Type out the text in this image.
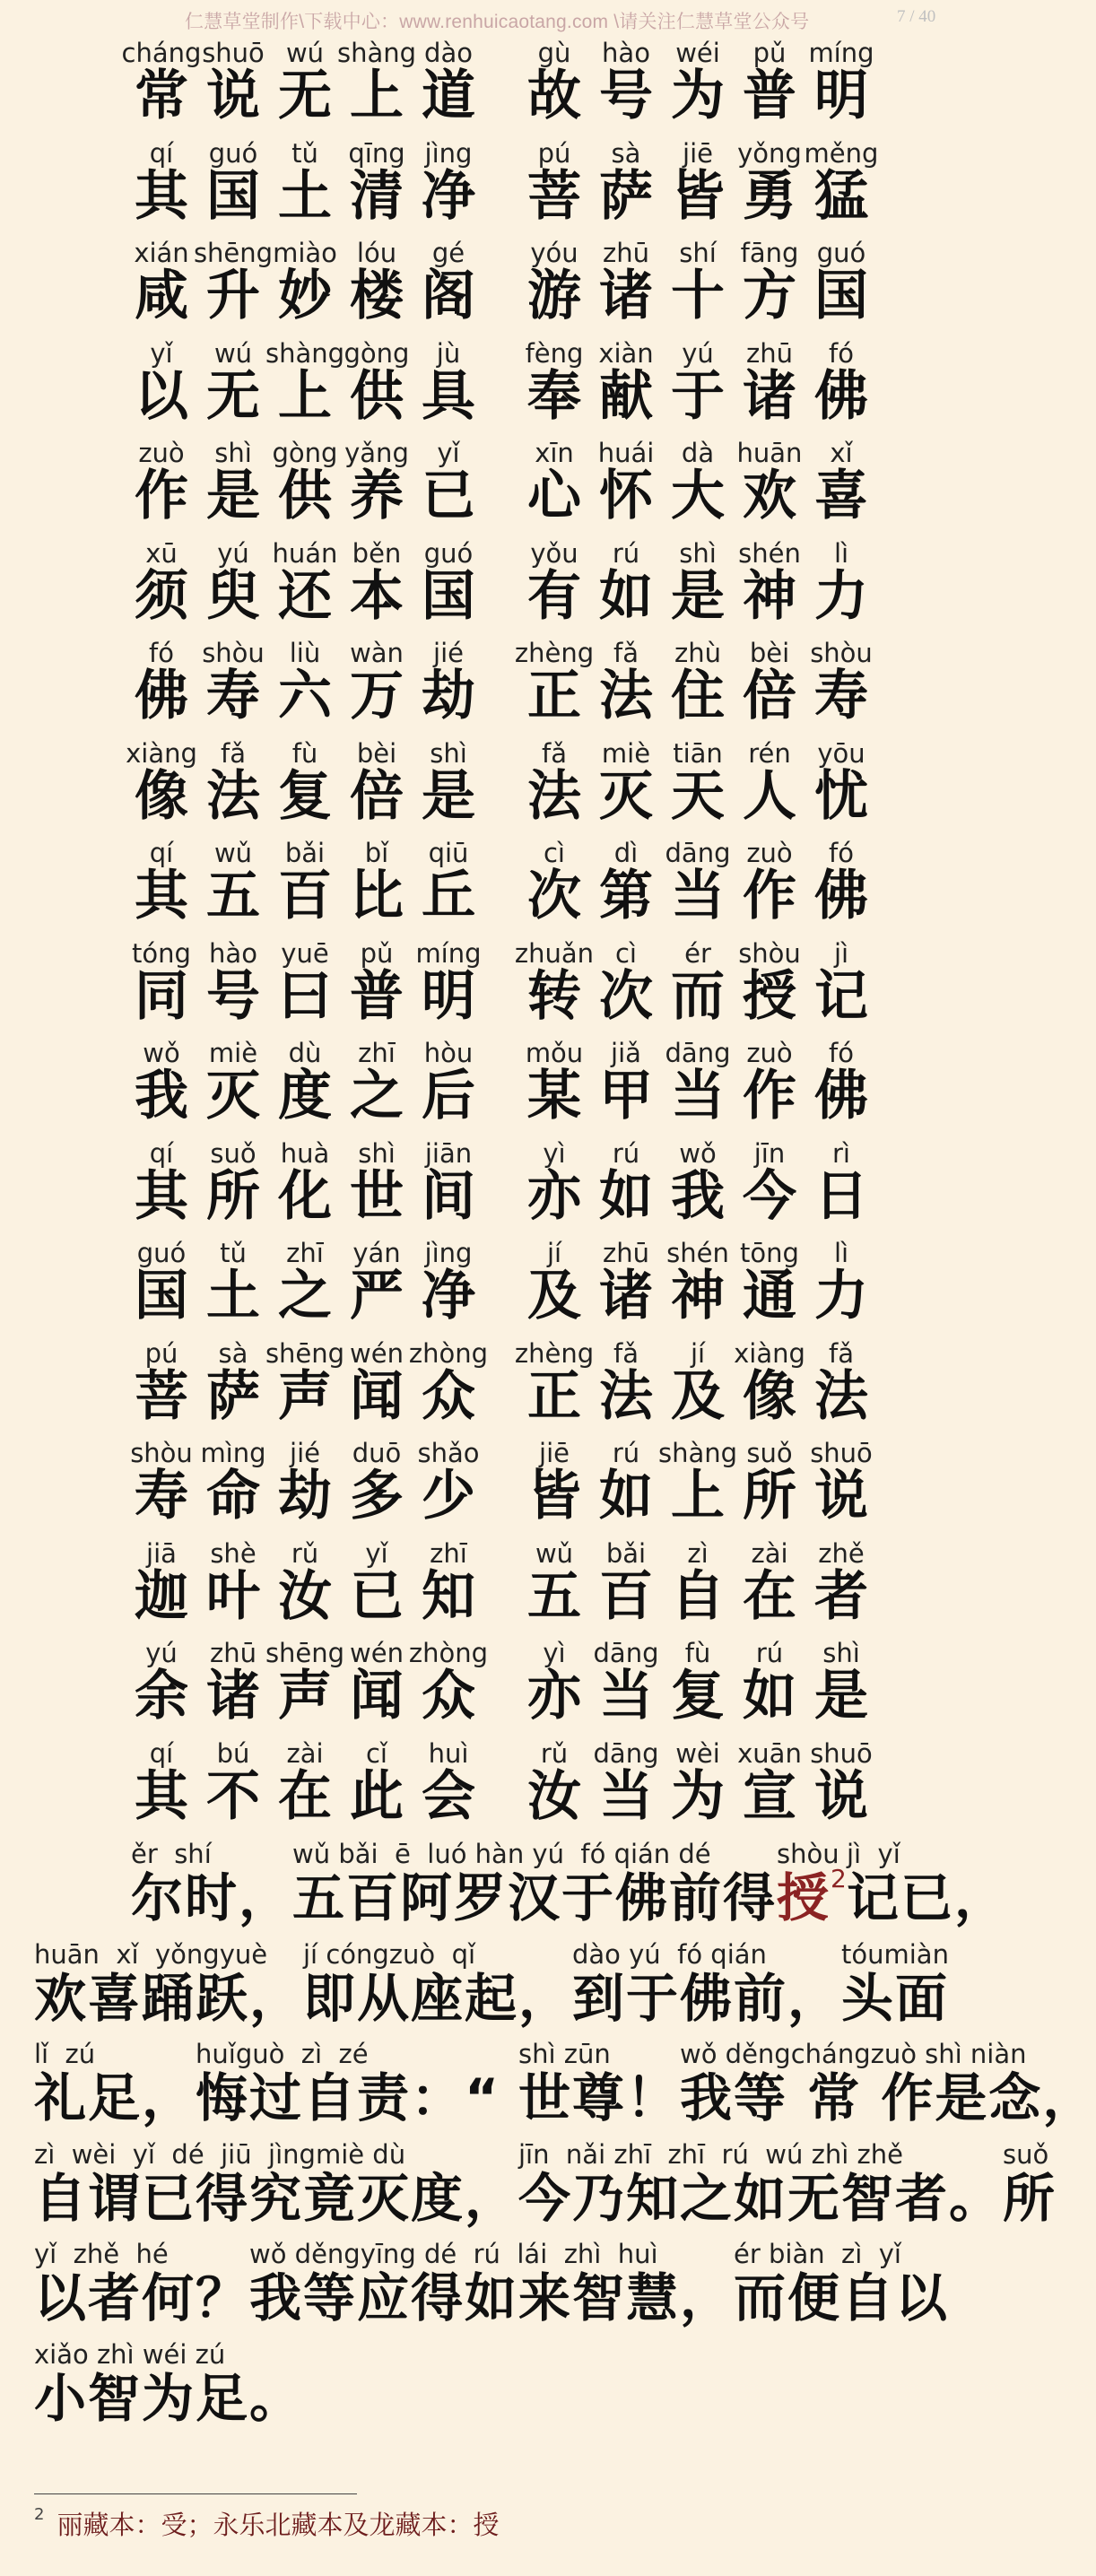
仁慧草堂制作\下载中心：www.renhuicaotang.com \请关注仁慧草堂公众号	7 / 40
cháng
常
shuō
说
wú
无
shàng
上
dào
道
gù
故
hào
号
wéi
为
pǔ
普
míng
明
qí
其
guó
国
tǔ
土
qīng
清
jìng
净
pú
菩
sà
萨
jiē
皆
yǒng
勇
měng
猛
xián
咸
shēng
升
miào
妙
lóu
楼
gé
阁
yóu
游
zhū
诸
shí
十
fāng
方
guó
国
yǐ
以
wú
无
shàng
上
gòng
供
jù
具
fèng
奉
xiàn
献
yú
于
zhū
诸
fó
佛
zuò
作
shì
是
gòng
供
yǎng
养
yǐ
已
xīn
心
huái
怀
dà
大
huān
欢
xǐ
喜
xū
须
yú
臾
huán
还
běn
本
guó
国
yǒu
有
rú
如
shì
是
shén
神
lì
力
fó
佛
shòu
寿
liù
六
wàn
万
jié
劫
zhèng
正
fǎ
法
zhù
住
bèi
倍
shòu
寿
xiàng
像
fǎ
法
fù
复
bèi
倍
shì
是
fǎ
法
miè
灭
tiān
天
rén
人
yōu
忧
qí
其
wǔ
五
bǎi
百
bǐ
比
qiū
丘
cì
次
dì
第
dāng
当
zuò
作
fó
佛
tóng
同
hào
号
yuē
曰
pǔ
普
míng
明
zhuǎn
转
cì
次
ér
而
shòu
授
jì
记
wǒ
我
miè
灭
dù
度
zhī
之
hòu
后
mǒu
某
jiǎ
甲
dāng
当
zuò
作
fó
佛
qí
其
suǒ
所
huà
化
shì
世
jiān
间
yì
亦
rú
如
wǒ
我
jīn
今
rì
日
guó
国
tǔ
土
zhī
之
yán
严
jìng
净
jí
及
zhū
诸
shén
神
tōng
通
lì
力
pú
菩
sà
萨
shēng
声
wén
闻
zhòng
众
zhèng
正
fǎ
法
jí
及
xiàng
像
fǎ
法
shòu
寿
mìng
命
jié
劫
duō
多
shǎo
少
jiē
皆
rú
如
shàng
上
suǒ
所
shuō
说
jiā
迦
shè
叶
rǔ
汝
yǐ
已
zhī
知
wǔ
五
bǎi
百
zì
自
zài
在
zhě
者
yú
余
zhū
诸
shēng
声
wén
闻
zhòng
众
yì
亦
dāng
当
fù
复
rú
如
shì
是
qí
其
bú
不
zài
在
cǐ
此
huì
会
rǔ
汝
dāng
当
wèi
为
xuān
宣
shuō
说
ěr  shí
尔时，
wǔ bǎi  ē  luó hàn yú  fó qián dé
五百阿罗汉于佛前得
shòu
授 2
jì  yǐ
记已，
huān  xǐ  yǒngyuè
欢喜踊跃，
jí cóngzuò  qǐ
即从座起，
dào yú  fó qián
到于佛前，
tóumiàn
头面
lǐ  zú
礼足，
huǐguò  zì  zé
悔过自责：“
shì zūn
世尊！
wǒ děngchángzuò shì niàn
我等 常 作是念，
zì  wèi  yǐ  dé  jiū  jìngmiè dù
自谓已得究竟灭度，
jīn  nǎi zhī  zhī  rú  wú zhì zhě
今乃知之如无智者。
suǒ
所
yǐ  zhě  hé
以者何？
wǒ děngyīng dé  rú  lái  zhì  huì
我等应得如来智慧，
ér biàn  zì  yǐ
而便自以
xiǎo zhì wéi zú
小智为足。
$^2$ 丽藏本：受；永乐北藏本及龙藏本：授
